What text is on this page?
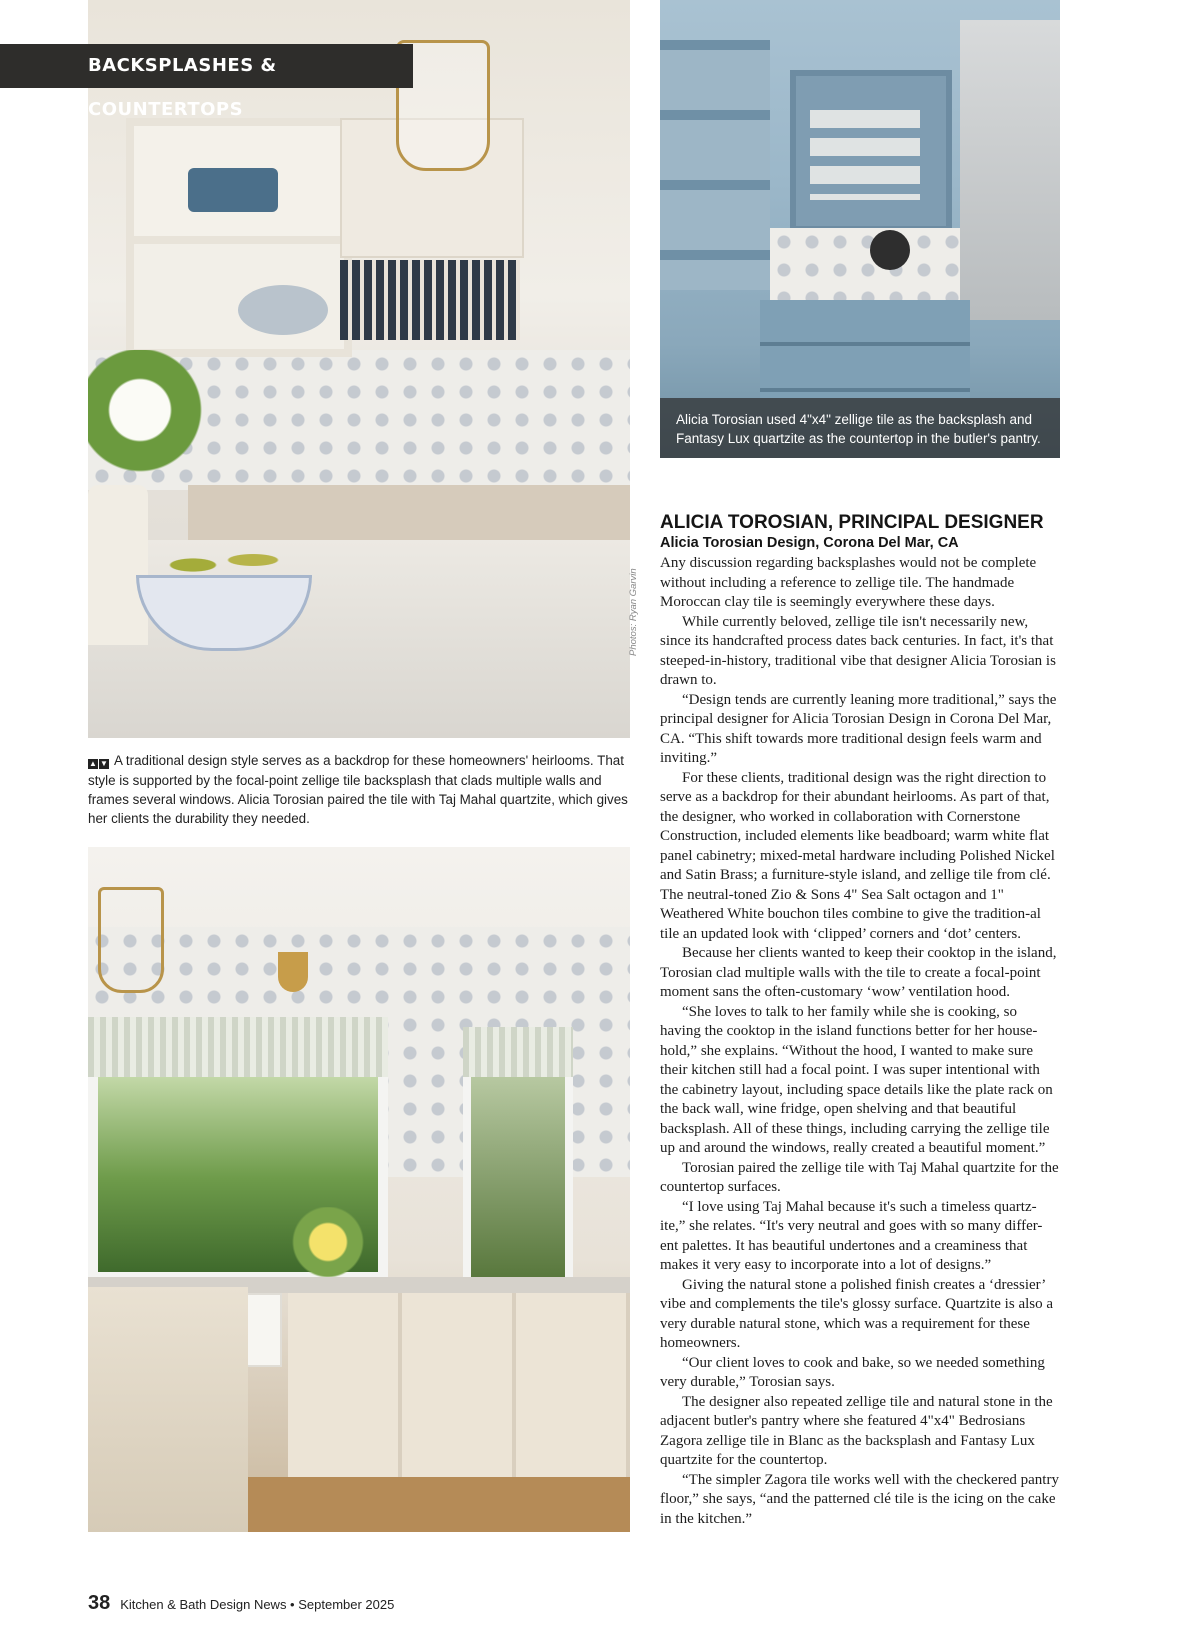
BACKSPLASHES & COUNTERTOPS
Alicia Torosian used 4"x4" zellige tile as the backsplash and Fantasy Lux quartzite as the countertop in the butler's pantry.
Photos: Ryan Garvin
▲ ▼ A traditional design style serves as a backdrop for these homeowners' heirlooms. That style is supported by the focal-point zellige tile backsplash that clads multiple walls and frames several windows. Alicia Torosian paired the tile with Taj Mahal quartzite, which gives her clients the durability they needed.
ALICIA TOROSIAN, PRINCIPAL DESIGNER
Alicia Torosian Design, Corona Del Mar, CA

Any discussion regarding backsplashes would not be complete without including a reference to zellige tile. The handmade Moroccan clay tile is seemingly everywhere these days.

While currently beloved, zellige tile isn't necessarily new, since its handcrafted process dates back centuries. In fact, it's that steeped-in-history, traditional vibe that designer Alicia Torosian is drawn to.

“Design tends are currently leaning more traditional,” says the principal designer for Alicia Torosian Design in Corona Del Mar, CA. “This shift towards more traditional design feels warm and inviting.”

For these clients, traditional design was the right direction to serve as a backdrop for their abundant heirlooms. As part of that, the designer, who worked in collaboration with Cornerstone Construction, included elements like beadboard; warm white flat panel cabinetry; mixed-metal hardware including Polished Nickel and Satin Brass; a furniture-style island, and zellige tile from clé. The neutral-toned Zio & Sons 4" Sea Salt octagon and 1" Weathered White bouchon tiles combine to give the tradition-al tile an updated look with ‘clipped’ corners and ‘dot’ centers.

Because her clients wanted to keep their cooktop in the island, Torosian clad multiple walls with the tile to create a focal-point moment sans the often-customary ‘wow’ ventilation hood.

“She loves to talk to her family while she is cooking, so having the cooktop in the island functions better for her house-hold,” she explains. “Without the hood, I wanted to make sure their kitchen still had a focal point. I was super intentional with the cabinetry layout, including space details like the plate rack on the back wall, wine fridge, open shelving and that beautiful backsplash. All of these things, including carrying the zellige tile up and around the windows, really created a beautiful moment.”

Torosian paired the zellige tile with Taj Mahal quartzite for the countertop surfaces.

“I love using Taj Mahal because it's such a timeless quartz-ite,” she relates. “It's very neutral and goes with so many differ-ent palettes. It has beautiful undertones and a creaminess that makes it very easy to incorporate into a lot of designs.”

Giving the natural stone a polished finish creates a ‘dressier’ vibe and complements the tile's glossy surface. Quartzite is also a very durable natural stone, which was a requirement for these homeowners.

“Our client loves to cook and bake, so we needed something very durable,” Torosian says.

The designer also repeated zellige tile and natural stone in the adjacent butler's pantry where she featured 4"x4" Bedrosians Zagora zellige tile in Blanc as the backsplash and Fantasy Lux quartzite for the countertop.

“The simpler Zagora tile works well with the checkered pantry floor,” she says, “and the patterned clé tile is the icing on the cake in the kitchen.”

38 Kitchen & Bath Design News • September 2025
